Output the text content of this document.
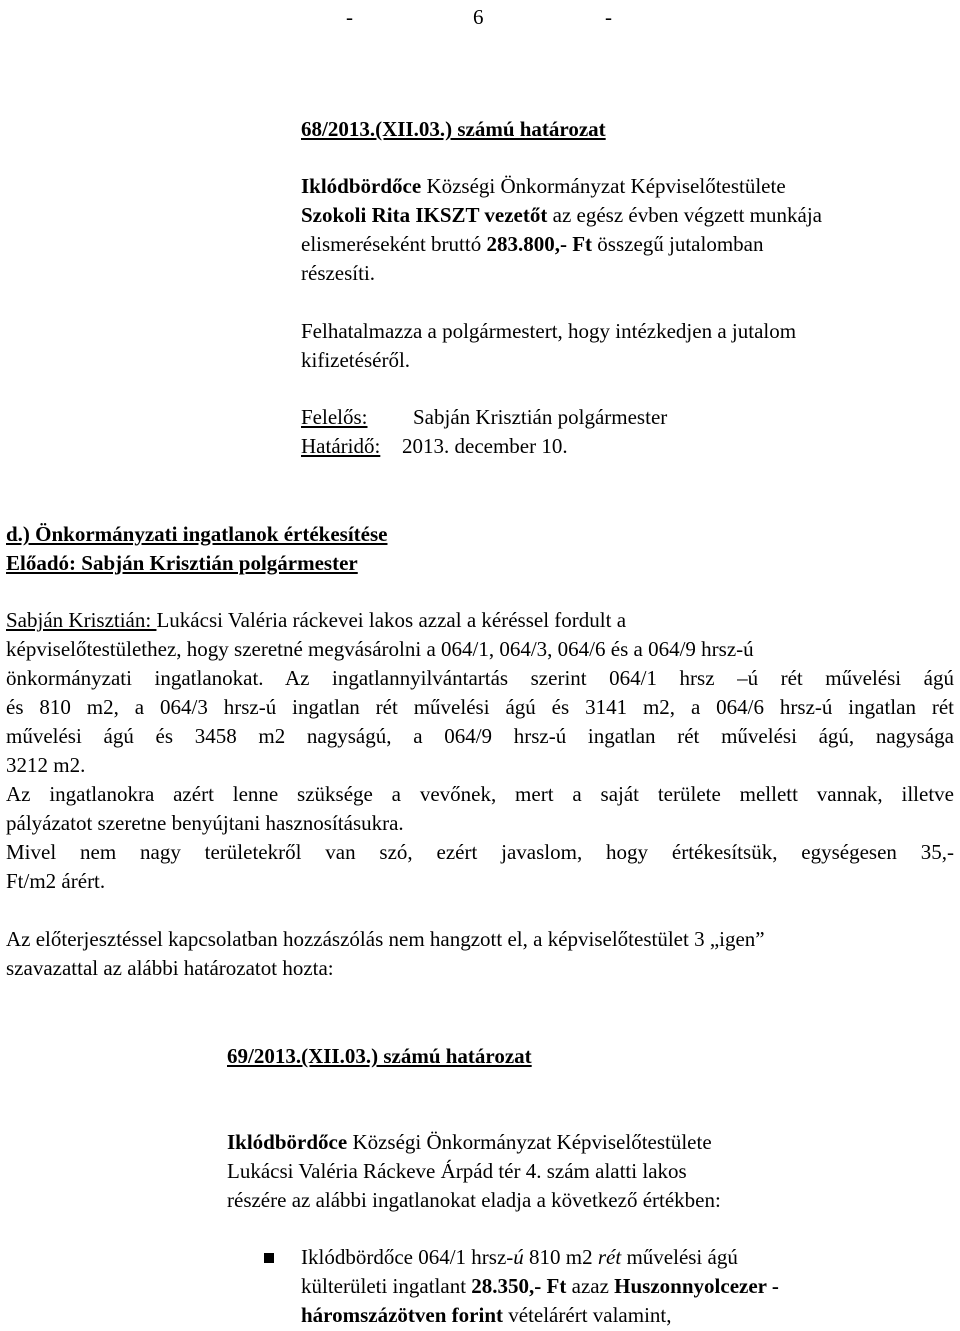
-	6	-
68/2013.(XII.03.) számú határozat
Iklódbördőce Községi Önkormányzat Képviselőtestülete
Szokoli Rita IKSZT vezetőt az egész évben végzett munkája
elismeréseként bruttó 283.800,- Ft összegű jutalomban
részesíti.
Felhatalmazza a polgármestert, hogy intézkedjen a jutalom
kifizetéséről.
Felelős: Sabján Krisztián polgármester
Határidő: 2013. december 10.
d.) Önkormányzati ingatlanok értékesítése
Előadó: Sabján Krisztián polgármester
Sabján Krisztián: Lukácsi Valéria ráckevei lakos azzal a kéréssel fordult a
képviselőtestülethez, hogy szeretné megvásárolni a 064/1, 064/3, 064/6 és a 064/9 hrsz-ú
önkormányzati ingatlanokat. Az ingatlannyilvántartás szerint 064/1 hrsz –ú rét művelési ágú
és 810 m2, a 064/3 hrsz-ú ingatlan rét művelési ágú és 3141 m2, a 064/6 hrsz-ú ingatlan rét
művelési ágú és 3458 m2 nagyságú, a 064/9 hrsz-ú ingatlan rét művelési ágú, nagysága
3212 m2.
Az ingatlanokra azért lenne szüksége a vevőnek, mert a saját területe mellett vannak, illetve
pályázatot szeretne benyújtani hasznosításukra.
Mivel nem nagy területekről van szó, ezért javaslom, hogy értékesítsük, egységesen 35,-
Ft/m2 árért.
Az előterjesztéssel kapcsolatban hozzászólás nem hangzott el, a képviselőtestület 3 „igen”
szavazattal az alábbi határozatot hozta:
69/2013.(XII.03.) számú határozat
Iklódbördőce Községi Önkormányzat Képviselőtestülete
Lukácsi Valéria Ráckeve Árpád tér 4. szám alatti lakos
részére az alábbi ingatlanokat eladja a következő értékben:
Iklódbördőce 064/1 hrsz-ú 810 m2 rét művelési ágú
külterületi ingatlant 28.350,- Ft azaz Huszonnyolcezer -
háromszázötven forint vételárért valamint,
